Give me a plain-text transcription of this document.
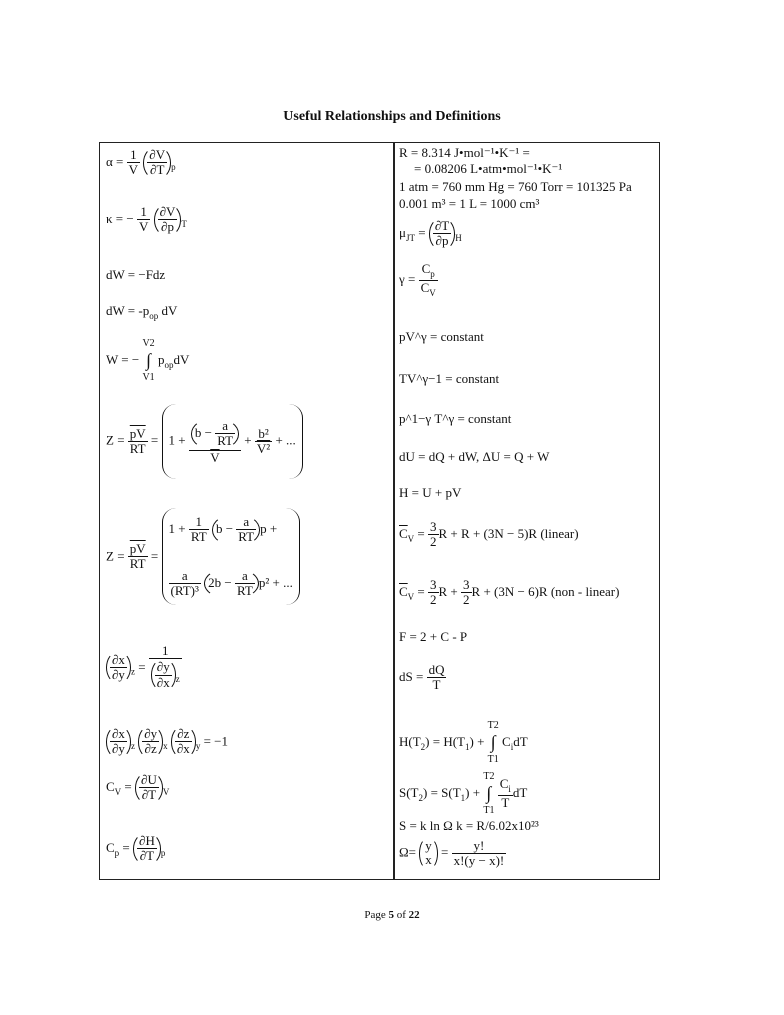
Useful Relationships and Definitions
$\alpha = \frac{1}{V}$
$\frac{\partial V}{\partial T} _p$
κ = − $\frac{1}{V}$
$\frac{\partial V}{\partial p} _T$
dW = −Fdz
dW = $-p_{op}$ dV
W = −
V2
∫
V1
$p_{op}dV$
$Z = \frac{\overline{pV}}{RT} = 1 + \frac{b - \frac{a}{RT}}{V} + \frac{\text{b²}}{\text{V²}}$ + ...
$Z = \frac{\overline{pV}}{RT}$ =
$1 + \frac{1}{RT}$ $b - \frac{a}{RT}$ p +
$\frac{a}{\text{(RT)³}} 2b - \frac{a}{RT} p^2$ + ...
$\frac{\partial x}{\partial y} _z = \frac{1}{\frac{\partial y}{\partial x} _z}$
$\frac{\partial x}{\partial y} _z \frac{\partial y}{\partial z} _x \frac{\partial z}{\partial x} _y = -1$
$C_V = \frac{\partial U}{\partial T} _V$
$C_p = \frac{\partial H}{\partial T} _p$
R = 8.314 J•mol⁻¹•K⁻¹ =
= 0.08206 L•atm•mol⁻¹•K⁻¹
1 atm = 760 mm Hg = 760 Torr = 101325 Pa
0.001 m³ = 1 L = 1000 cm³
$\mu_{JT} = \frac{\partial T}{\partial p} _H$
$\gamma = \frac{C_p}{C_V}$
pV^γ = constant
TV^γ−1 = constant
p^1−γ T^γ = constant
dU = dQ + dW, ΔU = Q + W
H = U + pV
$\overline{C}_V = \frac{3}{2}$ R + R + (3N − 5)R (linear)
$\overline{C}_V = \frac{3}{2}$ $R + \frac{3}{2}$ R + (3N − 6)R (non - linear)
F = 2 + C - P
dS = $\frac{dQ}{T}$
$H(T_2) = H(T_1)$ +
T2
∫
T1
$C_idT$
$S(T_2) = S(T_1)$ +
T2
∫
T1
$\frac{C_i}{T}$ dT
S = k ln Ω k = R/6.02x10²³
Ω= y
x
= $\frac{y!}{x!(y - x)!}$
Page 5 of 22
